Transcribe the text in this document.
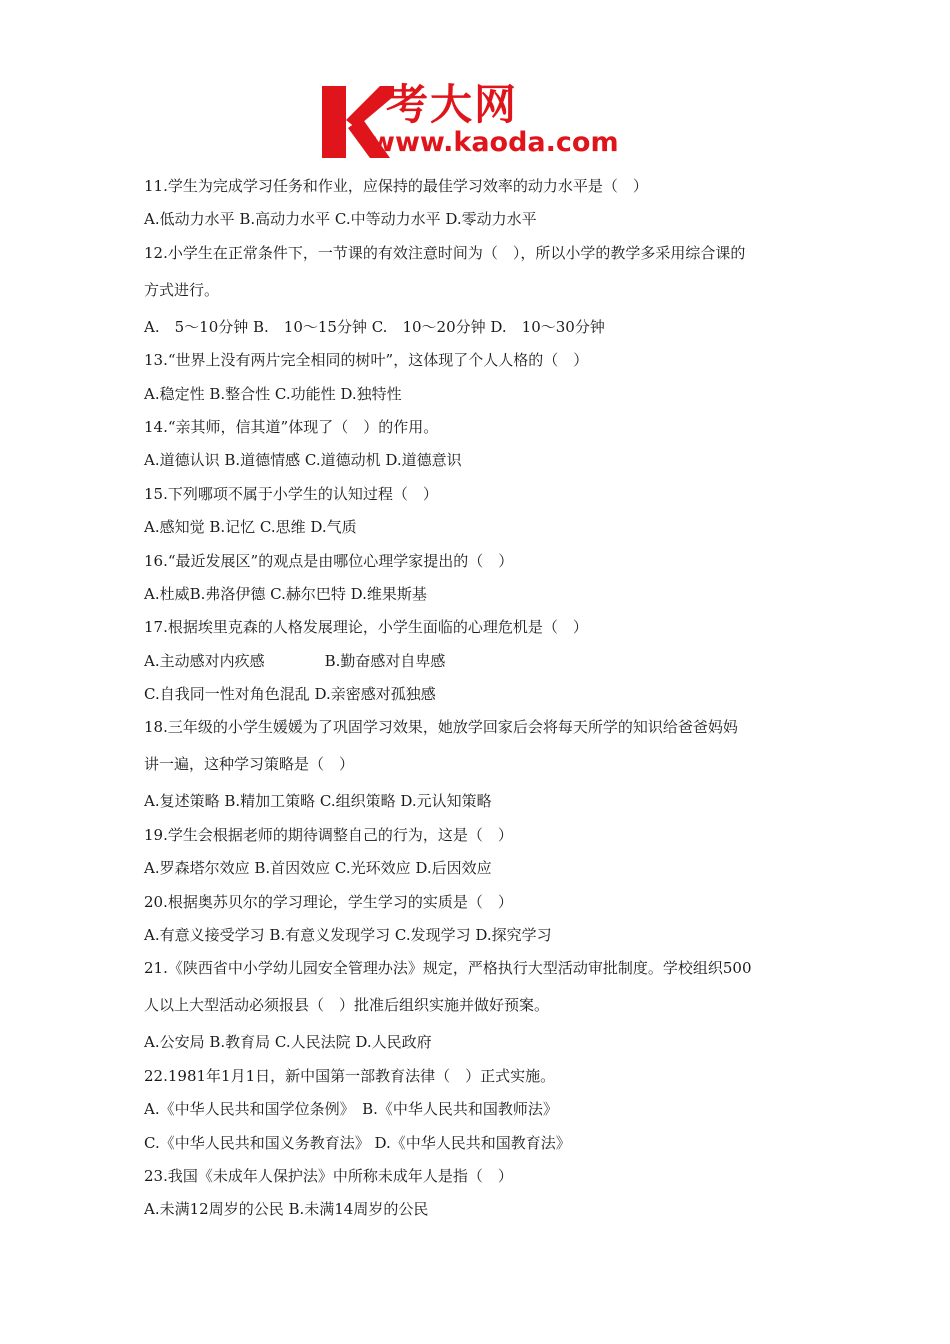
考大网
www.kaoda.com
11.学生为完成学习任务和作业，应保持的最佳学习效率的动力水平是（　）
A.低动力水平 B.高动力水平 C.中等动力水平 D.零动力水平
12.小学生在正常条件下，一节课的有效注意时间为（　），所以小学的教学多采用综合课的
方式进行。
A.　5～10分钟 B.　10～15分钟 C.　10～20分钟 D.　10～30分钟
13.“世界上没有两片完全相同的树叶”，这体现了个人人格的（　）
A.稳定性 B.整合性 C.功能性 D.独特性
14.“亲其师，信其道”体现了（　）的作用。
A.道德认识 B.道德情感 C.道德动机 D.道德意识
15.下列哪项不属于小学生的认知过程（　）
A.感知觉 B.记忆 C.思维 D.气质
16.“最近发展区”的观点是由哪位心理学家提出的（　）
A.杜威B.弗洛伊德 C.赫尔巴特 D.维果斯基
17.根据埃里克森的人格发展理论，小学生面临的心理危机是（　）
A.主动感对内疚感　　　　B.勤奋感对自卑感
C.自我同一性对角色混乱 D.亲密感对孤独感
18.三年级的小学生媛媛为了巩固学习效果，她放学回家后会将每天所学的知识给爸爸妈妈
讲一遍，这种学习策略是（　）
A.复述策略 B.精加工策略 C.组织策略 D.元认知策略
19.学生会根据老师的期待调整自己的行为，这是（　）
A.罗森塔尔效应 B.首因效应 C.光环效应 D.后因效应
20.根据奥苏贝尔的学习理论，学生学习的实质是（　）
A.有意义接受学习 B.有意义发现学习 C.发现学习 D.探究学习
21.《陕西省中小学幼儿园安全管理办法》规定，严格执行大型活动审批制度。学校组织500
人以上大型活动必须报县（　）批准后组织实施并做好预案。
A.公安局 B.教育局 C.人民法院 D.人民政府
22.1981年1月1日，新中国第一部教育法律（　）正式实施。
A.《中华人民共和国学位条例》　B.《中华人民共和国教师法》
C.《中华人民共和国义务教育法》 D.《中华人民共和国教育法》
23.我国《未成年人保护法》中所称未成年人是指（　）
A.未满12周岁的公民 B.未满14周岁的公民
